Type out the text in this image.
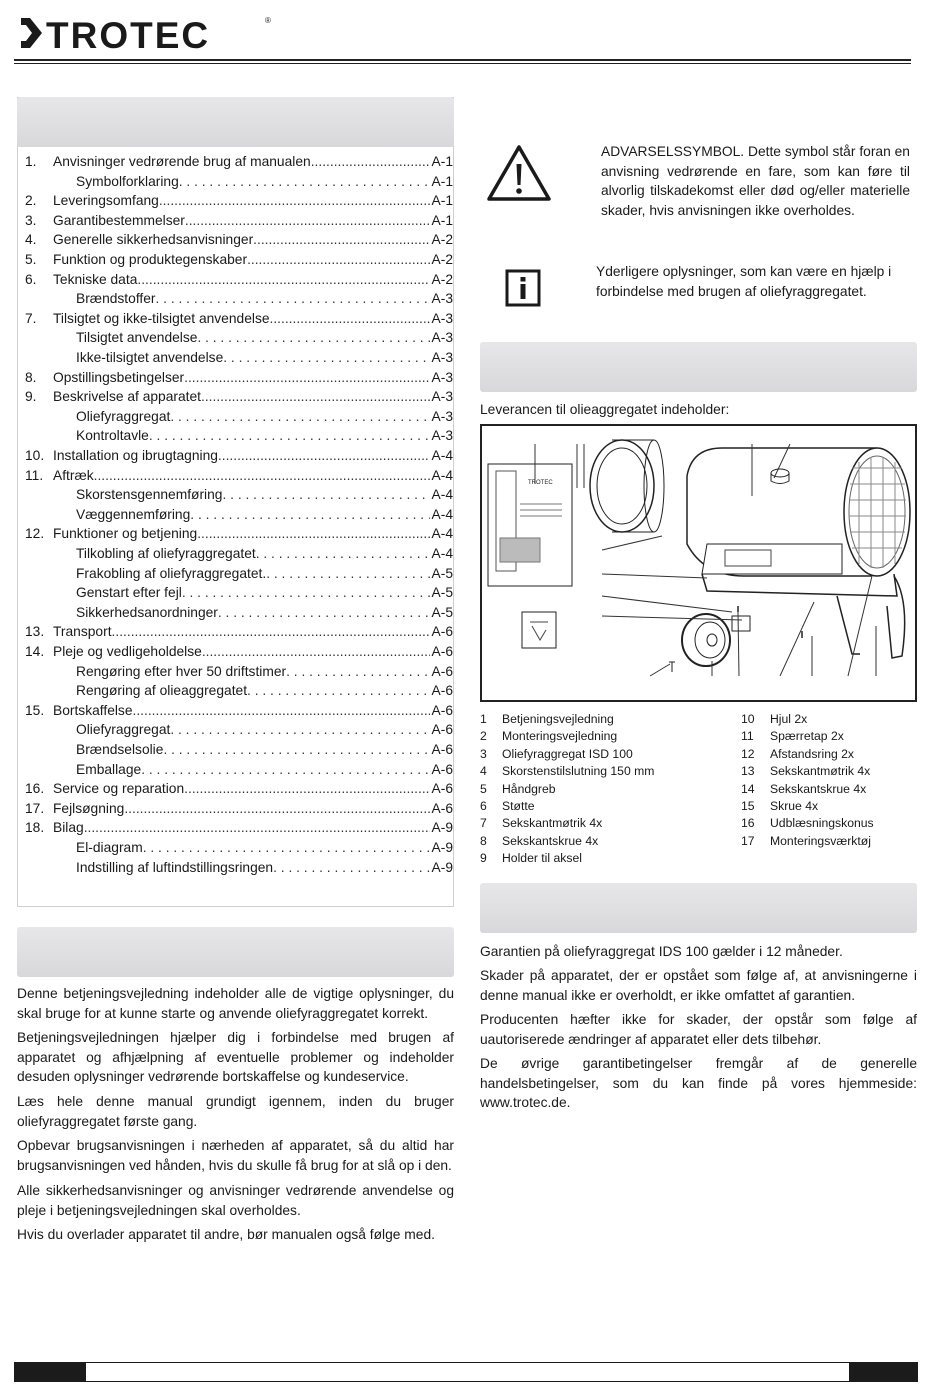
TROTEC	®
1.	Anvisninger vedrørende brug af manualen .....	A-1
Symbolforklaring . . .	A-1
2.	Leveringsomfang .....	A-1
3.	Garantibestemmelser .....	A-1
4.	Generelle sikkerhedsanvisninger .....	A-2
5.	Funktion og produktegenskaber .....	A-2
6.	Tekniske data .....	A-2
Brændstoffer . . .	A-3
7.	Tilsigtet og ikke-tilsigtet anvendelse .....	A-3
Tilsigtet anvendelse . . .	A-3
Ikke-tilsigtet anvendelse . . .	A-3
8.	Opstillingsbetingelser .....	A-3
9.	Beskrivelse af apparatet .....	A-3
Oliefyraggregat . . .	A-3
Kontroltavle . . .	A-3
10. Installation og ibrugtagning .....	A-4
11. Aftræk .....	A-4
Skorstensgennemføring . . .	A-4
Væggennemføring . . .	A-4
12. Funktioner og betjening .....	A-4
Tilkobling af oliefyraggregatet . . .	A-4
Frakobling af oliefyraggregatet. . . .	A-5
Genstart efter fejl . . .	A-5
Sikkerhedsanordninger . . .	A-5
13. Transport .....	A-6
14. Pleje og vedligeholdelse .....	A-6
Rengøring efter hver 50 driftstimer . . .	A-6
Rengøring af olieaggregatet . . .	A-6
15. Bortskaffelse .....	A-6
Oliefyraggregat . . .	A-6
Brændselsolie . . .	A-6
Emballage . . .	A-6
16. Service og reparation .....	A-6
17. Fejlsøgning .....	A-6
18. Bilag .....	A-9
El-diagram . . .	A-9
Indstilling af luftindstillingsringen . . .	A-9
Denne betjeningsvejledning indeholder alle de vigtige oplysninger, du skal bruge for at kunne starte og anvende oliefyraggregatet korrekt.
Betjeningsvejledningen hjælper dig i forbindelse med brugen af apparatet og afhjælpning af eventuelle problemer og indeholder desuden oplysninger vedrørende bortskaffelse og kundeservice.
Læs hele denne manual grundigt igennem, inden du bruger oliefyraggregatet første gang.
Opbevar brugsanvisningen i nærheden af apparatet, så du altid har brugsanvisningen ved hånden, hvis du skulle få brug for at slå op i den.
Alle sikkerhedsanvisninger og anvisninger vedrørende anvendelse og pleje i betjeningsvejledningen skal overholdes.
Hvis du overlader apparatet til andre, bør manualen også følge med.
ADVARSELSSYMBOL. Dette symbol står foran en anvisning vedrørende en fare, som kan føre til alvorlig tilskadekomst eller død og/eller materielle skader, hvis anvisningen ikke overholdes.
Yderligere oplysninger, som kan være en hjælp i forbindelse med brugen af oliefyraggregatet.
Leverancen til olieaggregatet indeholder:
TROTEC
1	Betjeningsvejledning
2	Monteringsvejledning
3	Oliefyraggregat ISD 100
4	Skorstenstilslutning 150 mm
5	Håndgreb
6	Støtte
7	Sekskantmøtrik 4x
8	Sekskantskrue 4x
9	Holder til aksel
10	Hjul 2x
11	Spærretap 2x
12	Afstandsring 2x
13	Sekskantmøtrik 4x
14	Sekskantskrue 4x
15	Skrue 4x
16	Udblæsningskonus
17	Monteringsværktøj
Garantien på oliefyraggregat IDS 100 gælder i 12 måneder.
Skader på apparatet, der er opstået som følge af, at anvisningerne i denne manual ikke er overholdt, er ikke omfattet af garantien.
Producenten hæfter ikke for skader, der opstår som følge af uautoriserede ændringer af apparatet eller dets tilbehør.
De øvrige garantibetingelser fremgår af de generelle handelsbetingelser, som du kan finde på vores hjemmeside: www.trotec.de.
